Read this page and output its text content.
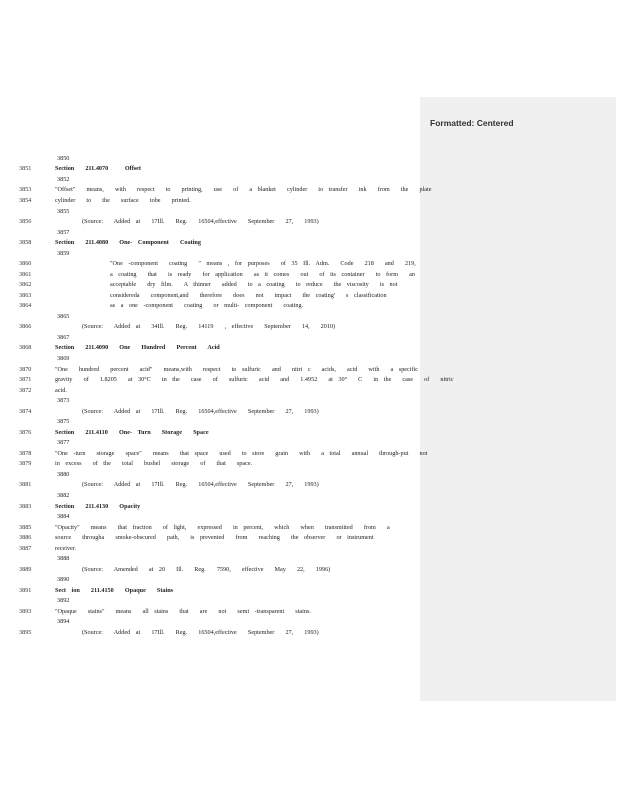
Formatted: Centered
3850
3851	Section  211.4070   Offset
3852
3853	"Offset"  means,  with  respect  to  printing,  use  of  a blanket  cylinder  to transfer  ink  from  the  plate
3854	cylinder  to  the  surface  tobe  printed.
3855
3856	(Source:  Added at  17Ill.  Reg.  16504,effective  September  27,  1993)
3857
3858	Section  211.4080  One- Component  Coating
3859
3860	"One -component  coating  " means , for purposes  of 35 Ill. Adm.  Code  218  and  219,
3861	a coating  that  is ready  for application  as it comes  out  of its container  to form  an
3862	acceptable  dry film.  A thinner  added  to a coating  to reduce  the viscosity  is not
3863	consideredа  component,and  therefore  does  not  impact  the coating'  s classification
3864	as a one -component  coating  or multi- component  coating.
3865
3866	(Source:  Added at  34Ill.  Reg.  14119  , effective  September  14,  2010)
3867
3868	Section  211.4090  One  Hundred  Percent  Acid
3869
3870	"One  hundred  percent  acid"  means,with  respect  to sulfuric  and  nitri c  acids,  acid  with  a specific
3871	gravity  of  1.8205  at 30°C  in the  case  of  sulfuric  acid  and  1.4952  at 30°  C  in the  case  of  nitric
3872	acid.
3873
3874	(Source:  Added at  17Ill.  Reg.  16504,effective  September  27,  1993)
3875
3876	Section  211.4110  One- Turn  Storage  Space
3877
3878	"One -turn  storage  space"  means  that space  used  to store  grain  with  a total  annual  through-put  not
3879	in excess  of the  total  bushel  storage  of  that  space.
3880
3881	(Source:  Added at  17Ill.  Reg.  16504,effective  September  27,  1993)
3882
3883	Section  211.4130  Opacity
3884
3885	"Opacity"  means  that fraction  of light,  expressed  in percent,  which  when  transmitted  from  a
3886	source  througha  smoke-obscured  path,  is prevented  from  reaching  the observer  or instrument
3887	receiver.
3888
3889	(Source:  Amended  at 20  Ill.  Reg.  7590,  effective  May  22,  1996)
3890
3891	Sect ion  211.4150  Opaque  Stains
3892
3893	"Opaque  stains"  means  all stains  that  are  not  semi -transparent  stains.
3894
3895	(Source:  Added at  17Ill.  Reg.  16504,effective  September  27,  1993)
